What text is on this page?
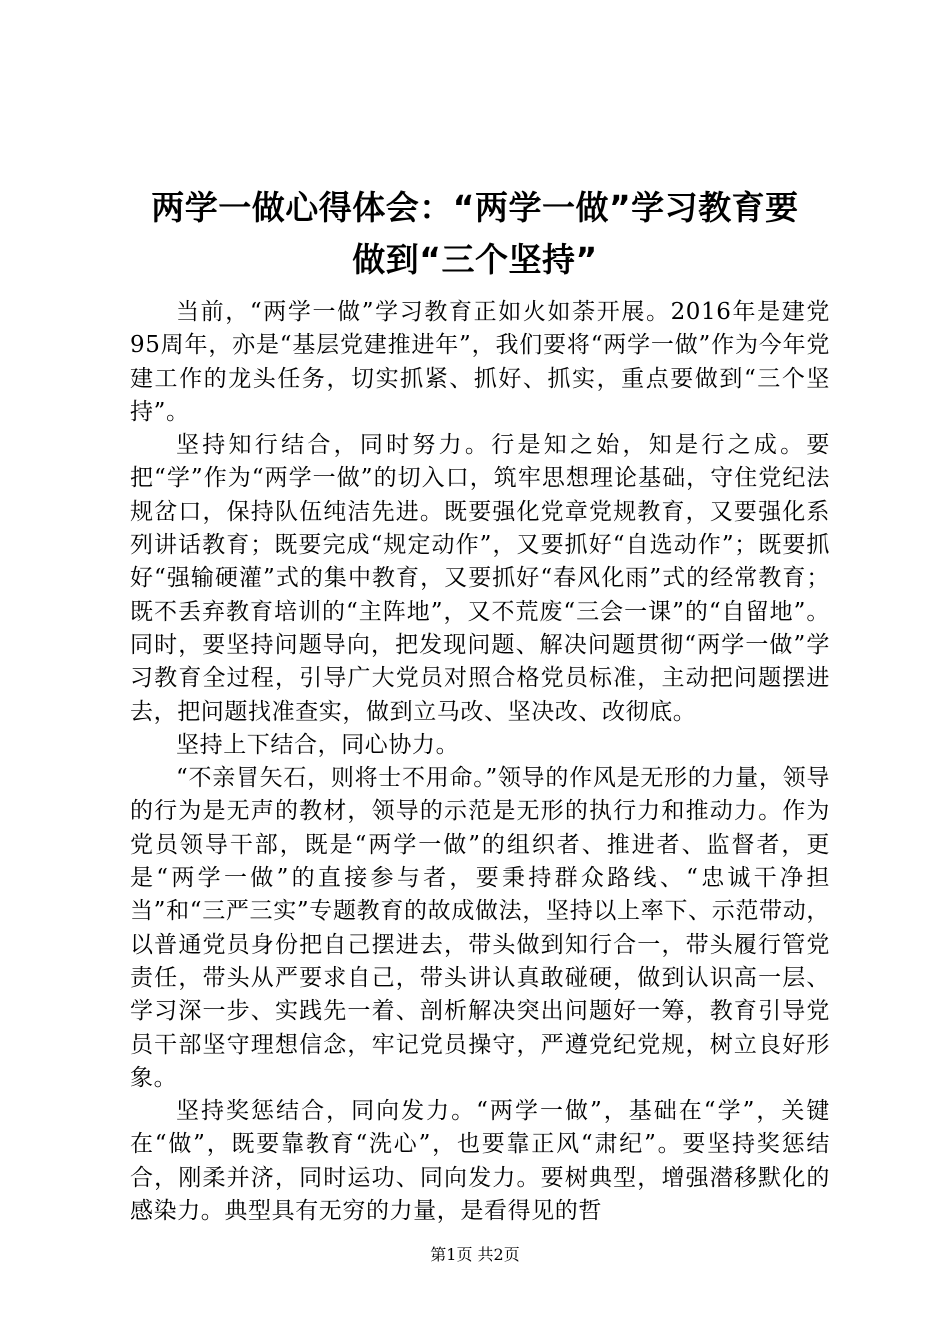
两学一做心得体会：“两学一做”学习教育要
做到“三个坚持”

当前，“两学一做”学习教育正如火如荼开展。2016年是建党95周年，亦是“基层党建推进年”，我们要将“两学一做”作为今年党建工作的龙头任务，切实抓紧、抓好、抓实，重点要做到“三个坚持”。

坚持知行结合，同时努力。行是知之始，知是行之成。要把“学”作为“两学一做”的切入口，筑牢思想理论基础，守住党纪法规岔口，保持队伍纯洁先进。既要强化党章党规教育，又要强化系列讲话教育；既要完成“规定动作”，又要抓好“自选动作”；既要抓好“强输硬灌”式的集中教育，又要抓好“春风化雨”式的经常教育；既不丢弃教育培训的“主阵地”，又不荒废“三会一课”的“自留地”。同时，要坚持问题导向，把发现问题、解决问题贯彻“两学一做”学习教育全过程，引导广大党员对照合格党员标准，主动把问题摆进去，把问题找准查实，做到立马改、坚决改、改彻底。

坚持上下结合，同心协力。

“不亲冒矢石，则将士不用命。”领导的作风是无形的力量，领导的行为是无声的教材，领导的示范是无形的执行力和推动力。作为党员领导干部，既是“两学一做”的组织者、推进者、监督者，更是“两学一做”的直接参与者，要秉持群众路线、“忠诚干净担当”和“三严三实”专题教育的故成做法，坚持以上率下、示范带动，以普通党员身份把自己摆进去，带头做到知行合一，带头履行管党责任，带头从严要求自己，带头讲认真敢碰硬，做到认识高一层、学习深一步、实践先一着、剖析解决突出问题好一筹，教育引导党员干部坚守理想信念，牢记党员操守，严遵党纪党规，树立良好形象。

坚持奖惩结合，同向发力。“两学一做”，基础在“学”，关键在“做”，既要靠教育“洗心”，也要靠正风“肃纪”。要坚持奖惩结合，刚柔并济，同时运功、同向发力。要树典型，增强潜移默化的感染力。典型具有无穷的力量，是看得见的哲

第1页 共2页
